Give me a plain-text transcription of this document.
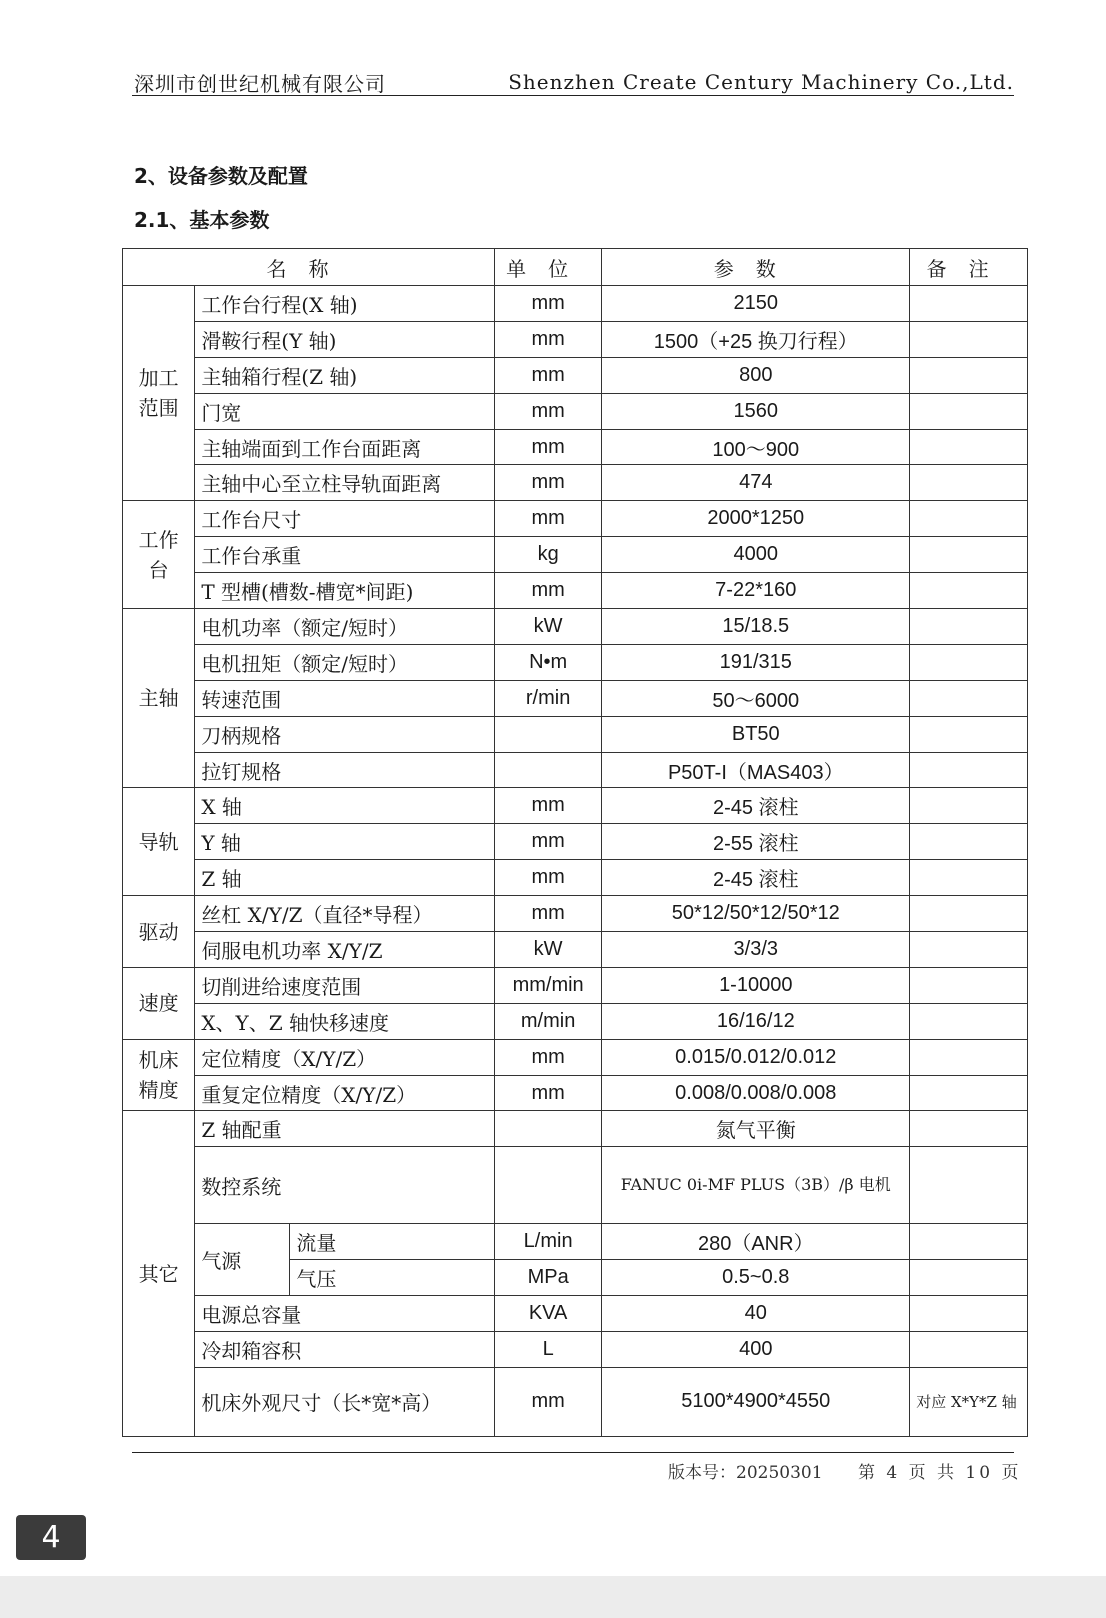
深圳市创世纪机械有限公司	Shenzhen Create Century Machinery Co.,Ltd.
2、设备参数及配置
2.1、基本参数
名称			单位	参数	备注
加工范围	工作台行程(X 轴)		mm	2150	
	滑鞍行程(Y 轴)		mm	1500（+25 换刀行程）	
	主轴箱行程(Z 轴)		mm	800	
	门宽		mm	1560	
	主轴端面到工作台面距离		mm	100～900	
	主轴中心至立柱导轨面距离		mm	474	
工作台	工作台尺寸		mm	2000*1250	
	工作台承重		kg	4000	
	T 型槽(槽数-槽宽*间距)		mm	7-22*160	
主轴	电机功率（额定/短时）		kW	15/18.5	
	电机扭矩（额定/短时）		N•m	191/315	
	转速范围		r/min	50～6000	
	刀柄规格			BT50	
	拉钉规格			P50T-I（MAS403）	
导轨	X 轴		mm	2-45 滚柱	
	Y 轴		mm	2-55 滚柱	
	Z 轴		mm	2-45 滚柱	
驱动	丝杠 X/Y/Z（直径*导程）		mm	50*12/50*12/50*12	
	伺服电机功率 X/Y/Z		kW	3/3/3	
速度	切削进给速度范围		mm/min	1-10000	
	X、Y、Z 轴快移速度		m/min	16/16/12	
机床精度	定位精度（X/Y/Z）		mm	0.015/0.012/0.012	
	重复定位精度（X/Y/Z）		mm	0.008/0.008/0.008	
其它	Z 轴配重			氮气平衡	
	数控系统			FANUC 0i-MF PLUS（3B）/β 电机	
	气源	流量	L/min	280（ANR）	
		气压	MPa	0.5~0.8	
	电源总容量		KVA	40	
	冷却箱容积		L	400	
	机床外观尺寸（长*宽*高）		mm	5100*4900*4550	对应 X*Y*Z 轴
版本号：20250301 第 4 页 共 10 页
4
